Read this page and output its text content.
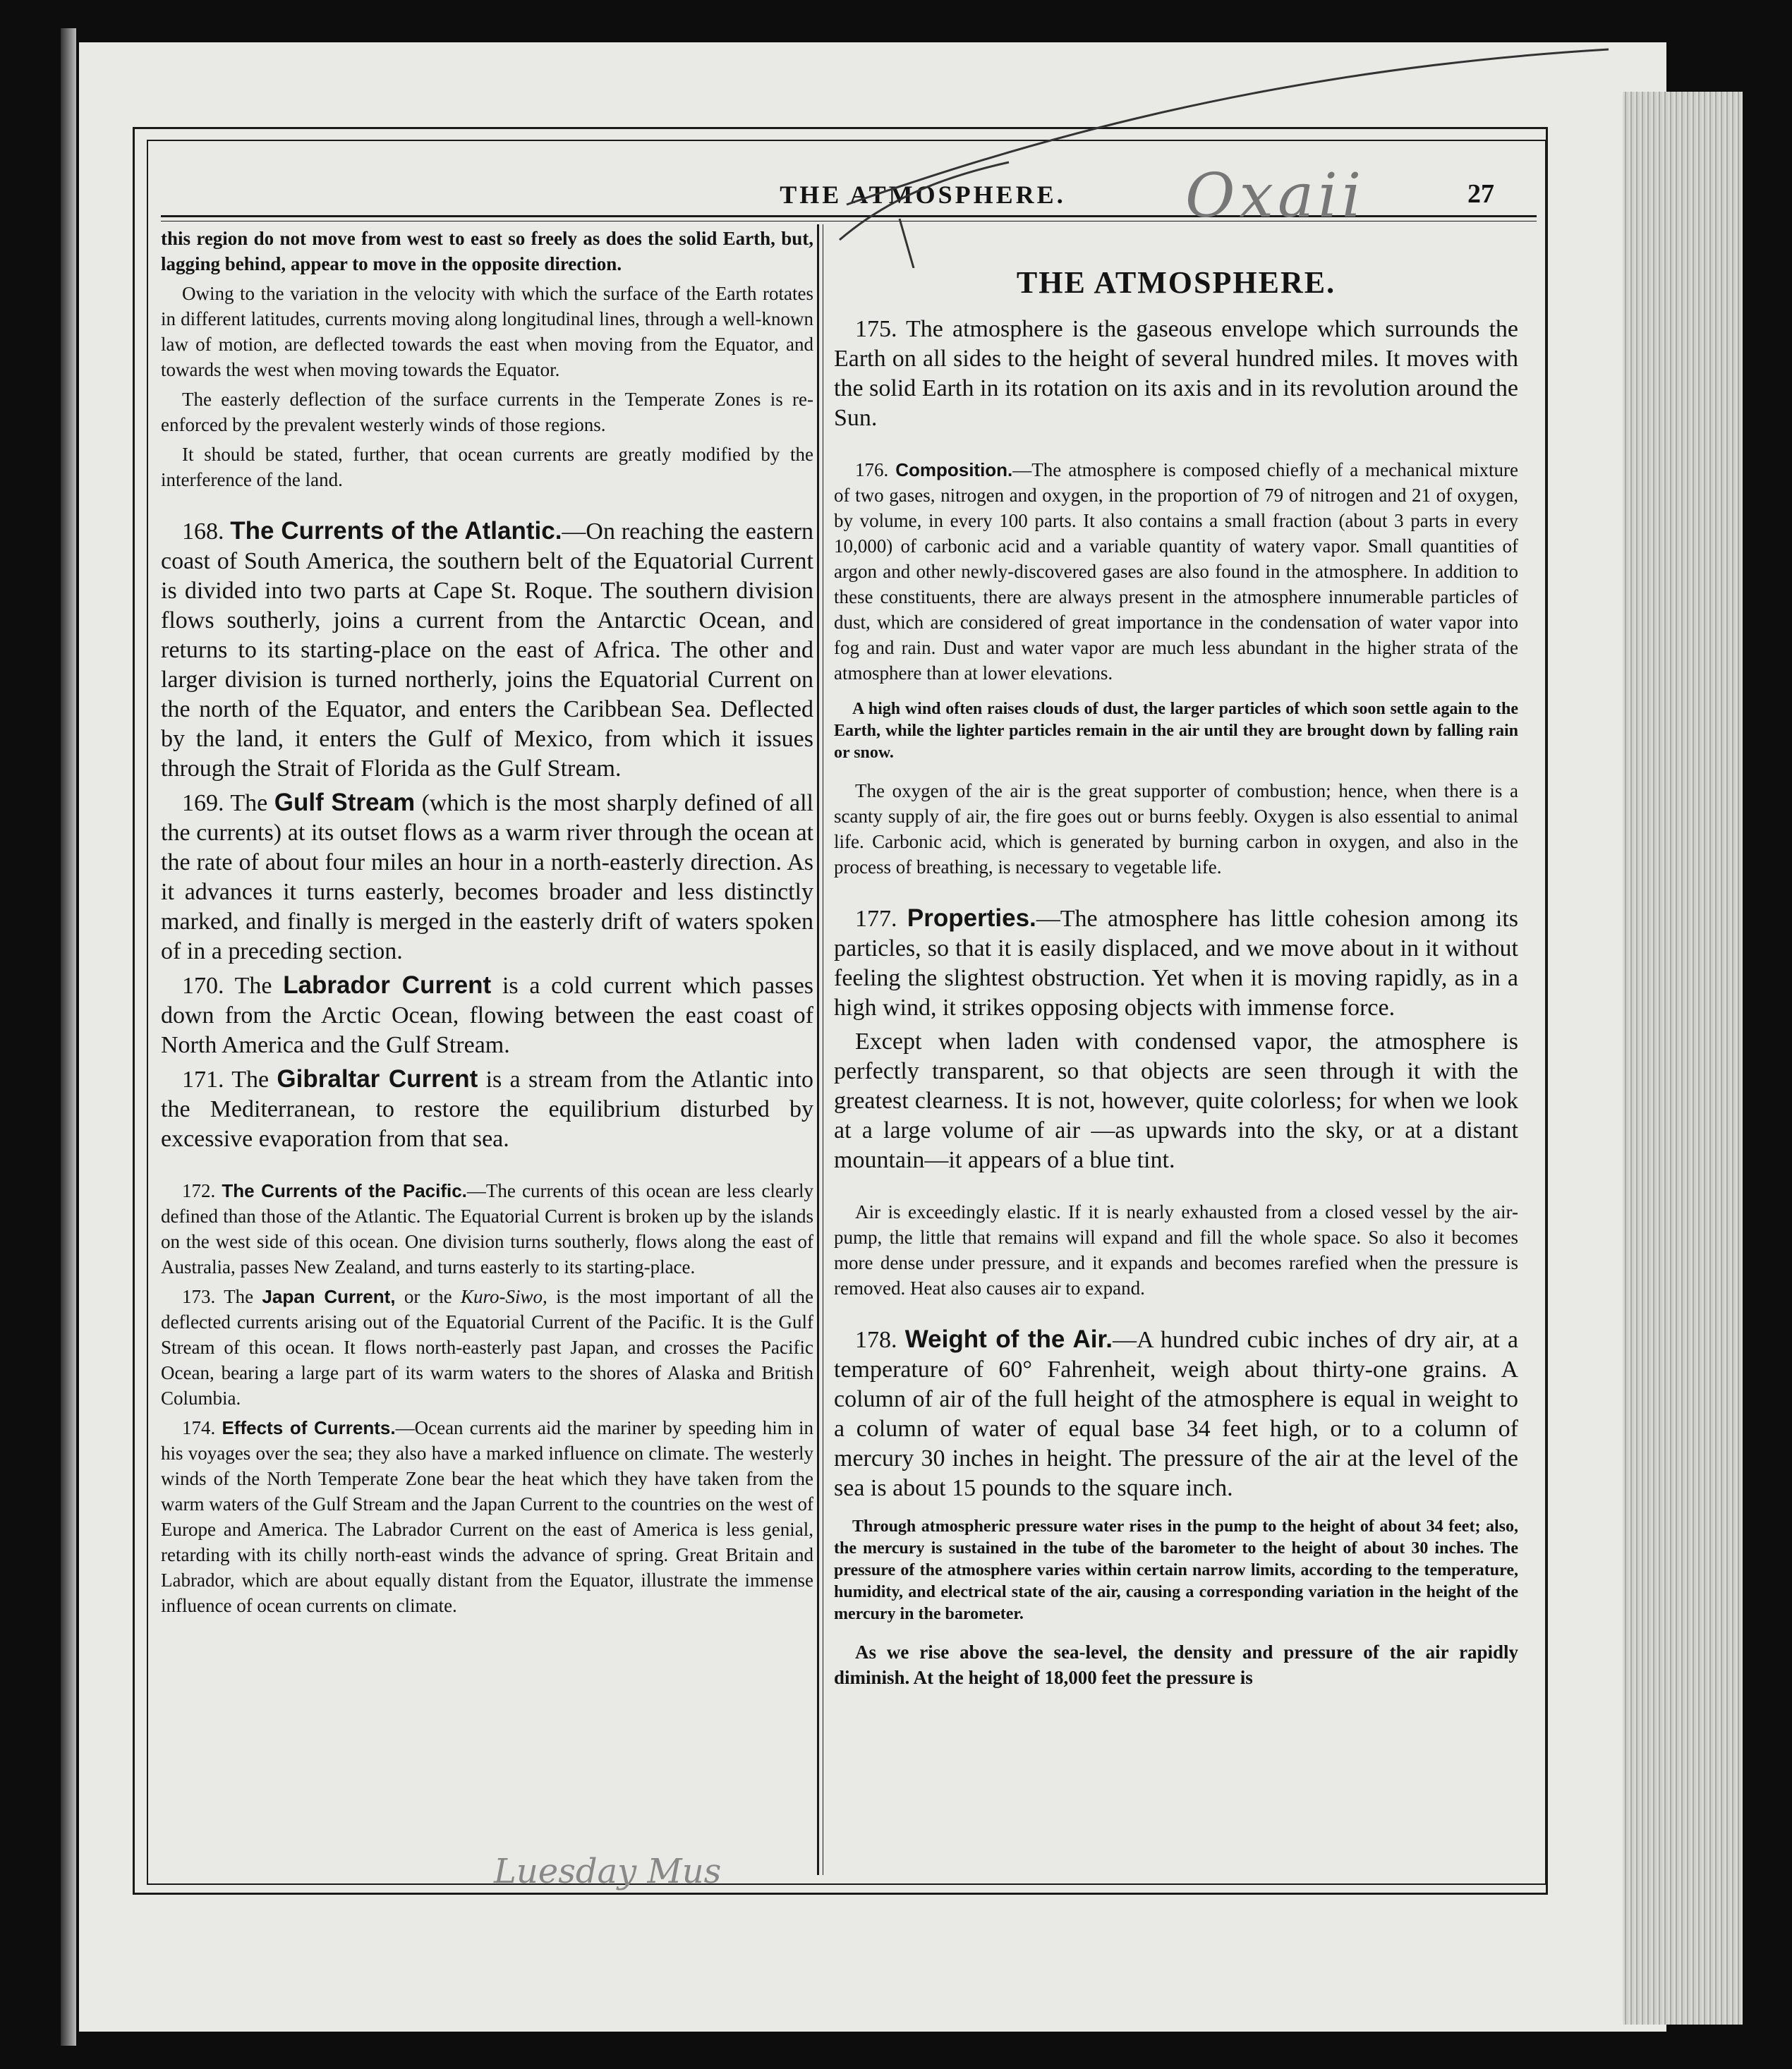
THE ATMOSPHERE.	27
Oxaii

this region do not move from west to east so freely as does the solid Earth, but, lagging behind, appear to move in the opposite direction.

Owing to the variation in the velocity with which the surface of the Earth rotates in different latitudes, currents moving along longitudinal lines, through a well-known law of motion, are deflected towards the east when moving from the Equator, and towards the west when moving towards the Equator.

The easterly deflection of the surface currents in the Temperate Zones is re-enforced by the prevalent westerly winds of those regions.

It should be stated, further, that ocean currents are greatly modified by the interference of the land.

168. The Currents of the Atlantic.—On reaching the eastern coast of South America, the southern belt of the Equatorial Current is divided into two parts at Cape St. Roque. The southern division flows southerly, joins a current from the Antarctic Ocean, and returns to its starting-place on the east of Africa. The other and larger division is turned northerly, joins the Equatorial Current on the north of the Equator, and enters the Caribbean Sea. Deflected by the land, it enters the Gulf of Mexico, from which it issues through the Strait of Florida as the Gulf Stream.

169. The Gulf Stream (which is the most sharply defined of all the currents) at its outset flows as a warm river through the ocean at the rate of about four miles an hour in a north-easterly direction. As it advances it turns easterly, becomes broader and less distinctly marked, and finally is merged in the easterly drift of waters spoken of in a preceding section.

170. The Labrador Current is a cold current which passes down from the Arctic Ocean, flowing between the east coast of North America and the Gulf Stream.

171. The Gibraltar Current is a stream from the Atlantic into the Mediterranean, to restore the equilibrium disturbed by excessive evaporation from that sea.

172. The Currents of the Pacific.—The currents of this ocean are less clearly defined than those of the Atlantic. The Equatorial Current is broken up by the islands on the west side of this ocean. One division turns southerly, flows along the east of Australia, passes New Zealand, and turns easterly to its starting-place.

173. The Japan Current, or the Kuro-Siwo, is the most important of all the deflected currents arising out of the Equatorial Current of the Pacific. It is the Gulf Stream of this ocean. It flows north-easterly past Japan, and crosses the Pacific Ocean, bearing a large part of its warm waters to the shores of Alaska and British Columbia.

174. Effects of Currents.—Ocean currents aid the mariner by speeding him in his voyages over the sea; they also have a marked influence on climate. The westerly winds of the North Temperate Zone bear the heat which they have taken from the warm waters of the Gulf Stream and the Japan Current to the countries on the west of Europe and America. The Labrador Current on the east of America is less genial, retarding with its chilly north-east winds the advance of spring. Great Britain and Labrador, which are about equally distant from the Equator, illustrate the immense influence of ocean currents on climate.

Luesday Mus
THE ATMOSPHERE.

175. The atmosphere is the gaseous envelope which surrounds the Earth on all sides to the height of several hundred miles. It moves with the solid Earth in its rotation on its axis and in its revolution around the Sun.

176. Composition.—The atmosphere is composed chiefly of a mechanical mixture of two gases, nitrogen and oxygen, in the proportion of 79 of nitrogen and 21 of oxygen, by volume, in every 100 parts. It also contains a small fraction (about 3 parts in every 10,000) of carbonic acid and a variable quantity of watery vapor. Small quantities of argon and other newly-discovered gases are also found in the atmosphere. In addition to these constituents, there are always present in the atmosphere innumerable particles of dust, which are considered of great importance in the condensation of water vapor into fog and rain. Dust and water vapor are much less abundant in the higher strata of the atmosphere than at lower elevations.

A high wind often raises clouds of dust, the larger particles of which soon settle again to the Earth, while the lighter particles remain in the air until they are brought down by falling rain or snow.

The oxygen of the air is the great supporter of combustion; hence, when there is a scanty supply of air, the fire goes out or burns feebly. Oxygen is also essential to animal life. Carbonic acid, which is generated by burning carbon in oxygen, and also in the process of breathing, is necessary to vegetable life.

177. Properties.—The atmosphere has little cohesion among its particles, so that it is easily displaced, and we move about in it without feeling the slightest obstruction. Yet when it is moving rapidly, as in a high wind, it strikes opposing objects with immense force.

Except when laden with condensed vapor, the atmosphere is perfectly transparent, so that objects are seen through it with the greatest clearness. It is not, however, quite colorless; for when we look at a large volume of air —as upwards into the sky, or at a distant mountain—it appears of a blue tint.

Air is exceedingly elastic. If it is nearly exhausted from a closed vessel by the air-pump, the little that remains will expand and fill the whole space. So also it becomes more dense under pressure, and it expands and becomes rarefied when the pressure is removed. Heat also causes air to expand.

178. Weight of the Air.—A hundred cubic inches of dry air, at a temperature of 60° Fahrenheit, weigh about thirty-one grains. A column of air of the full height of the atmosphere is equal in weight to a column of water of equal base 34 feet high, or to a column of mercury 30 inches in height. The pressure of the air at the level of the sea is about 15 pounds to the square inch.

Through atmospheric pressure water rises in the pump to the height of about 34 feet; also, the mercury is sustained in the tube of the barometer to the height of about 30 inches. The pressure of the atmosphere varies within certain narrow limits, according to the temperature, humidity, and electrical state of the air, causing a corresponding variation in the height of the mercury in the barometer.

As we rise above the sea-level, the density and pressure of the air rapidly diminish. At the height of 18,000 feet the pressure is
